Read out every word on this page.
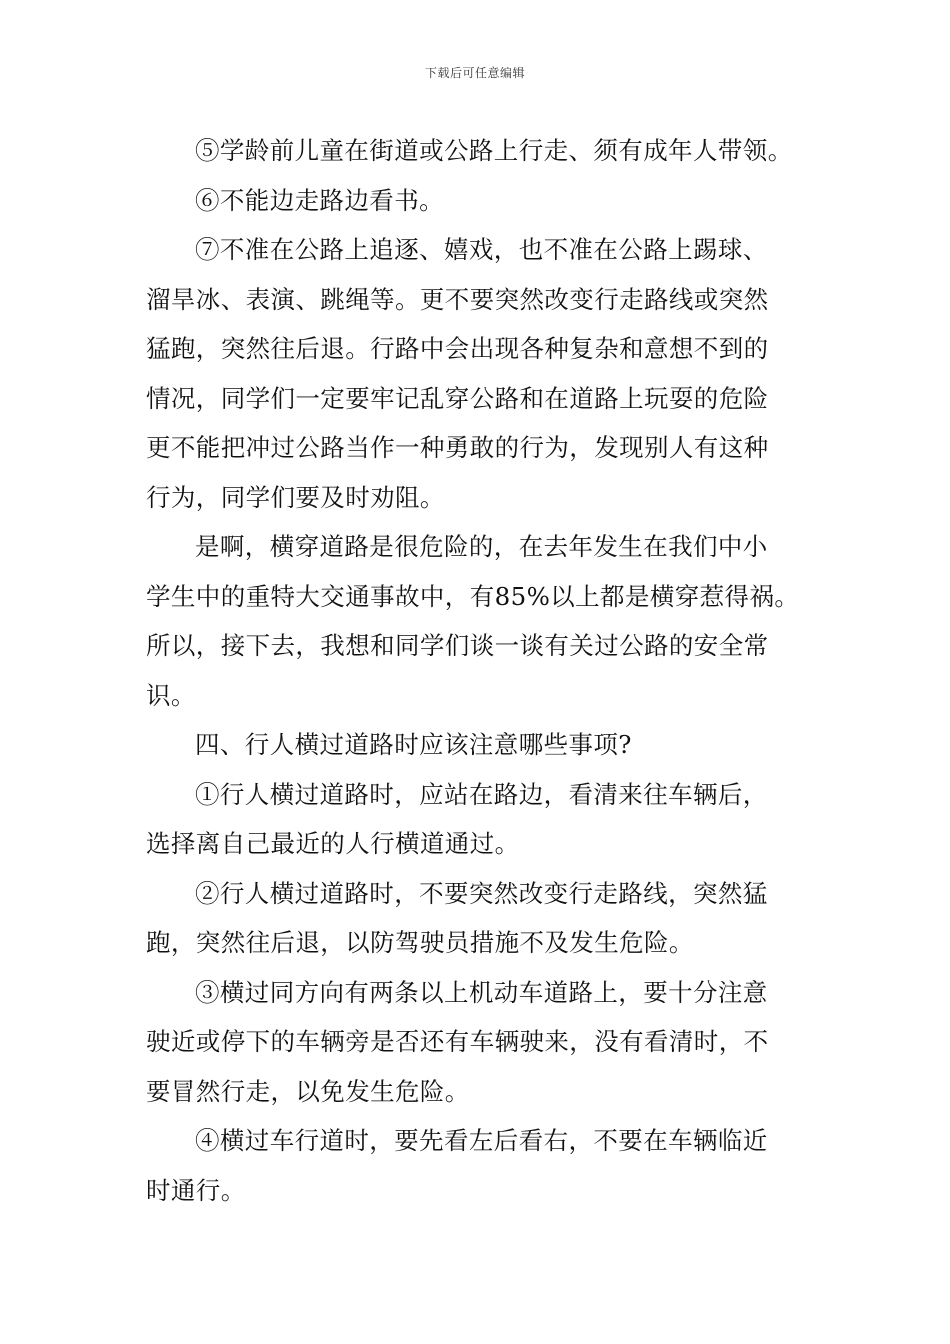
下载后可任意编辑
⑤学龄前儿童在街道或公路上行走、须有成年人带领。
⑥不能边走路边看书。
⑦不准在公路上追逐、嬉戏，也不准在公路上踢球、
溜旱冰、表演、跳绳等。更不要突然改变行走路线或突然
猛跑，突然往后退。行路中会出现各种复杂和意想不到的
情况，同学们一定要牢记乱穿公路和在道路上玩耍的危险
更不能把冲过公路当作一种勇敢的行为，发现别人有这种
行为，同学们要及时劝阻。
是啊，横穿道路是很危险的，在去年发生在我们中小
学生中的重特大交通事故中，有85%以上都是横穿惹得祸。
所以，接下去，我想和同学们谈一谈有关过公路的安全常
识。
四、行人横过道路时应该注意哪些事项?
①行人横过道路时，应站在路边，看清来往车辆后，
选择离自己最近的人行横道通过。
②行人横过道路时，不要突然改变行走路线，突然猛
跑，突然往后退，以防驾驶员措施不及发生危险。
③横过同方向有两条以上机动车道路上，要十分注意
驶近或停下的车辆旁是否还有车辆驶来，没有看清时，不
要冒然行走，以免发生危险。
④横过车行道时，要先看左后看右，不要在车辆临近
时通行。
